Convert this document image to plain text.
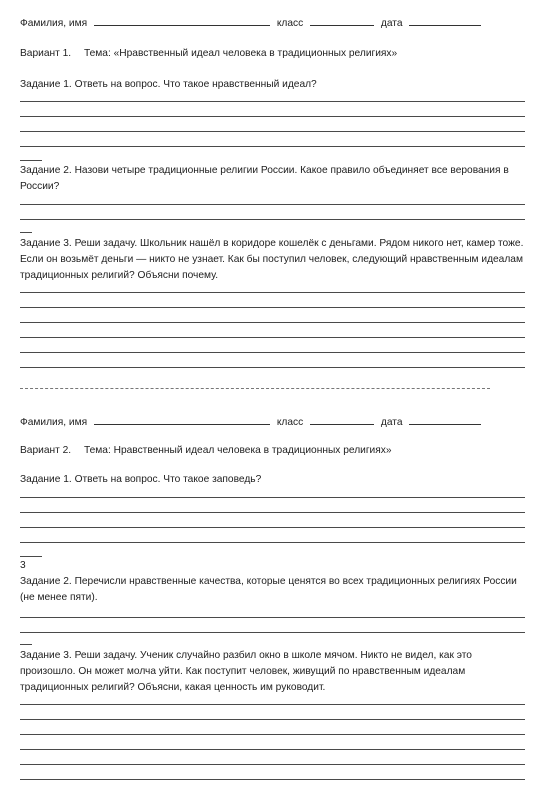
Фамилия, имя	класс	дата
Вариант 1. Тема: «Нравственный идеал человека в традиционных религиях»
Задание 1. Ответь на вопрос. Что такое нравственный идеал?
Задание 2. Назови четыре традиционные религии России. Какое правило объединяет все верования в России?
Задание 3. Реши задачу. Школьник нашёл в коридоре кошелёк с деньгами. Рядом никого нет, камер тоже. Если он возьмёт деньги — никто не узнает. Как бы поступил человек, следующий нравственным идеалам традиционных религий? Объясни почему.
Фамилия, имя	класс	дата
Вариант 2. Тема: Нравственный идеал человека в традиционных религиях»
Задание 1. Ответь на вопрос. Что такое заповедь?
3
Задание 2. Перечисли нравственные качества, которые ценятся во всех традиционных религиях России (не менее пяти).
Задание 3. Реши задачу. Ученик случайно разбил окно в школе мячом. Никто не видел, как это произошло. Он может молча уйти. Как поступит человек, живущий по нравственным идеалам традиционных религий? Объясни, какая ценность им руководит.
